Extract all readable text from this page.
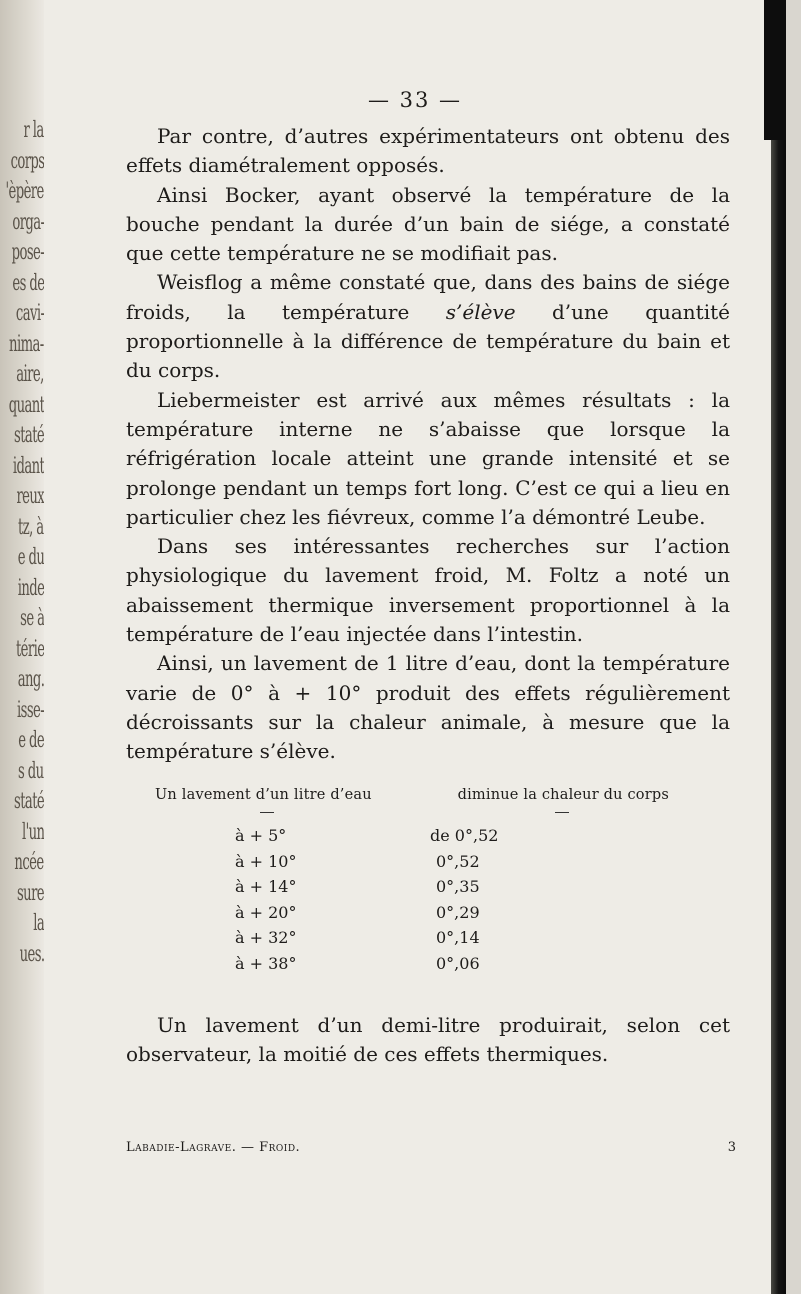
r la
corps
'èpère
orga-
pose-
es de
cavi-
nima-
aire,
quant
staté
idant
reux
tz, à
e du
inde
se à
térie
ang.
isse-
e de
s du
staté
l'un
ncée
sure
la
ues.
— 33 —

Par contre, d’autres expérimentateurs ont obtenu des effets diamétralement opposés.

Ainsi Bocker, ayant observé la température de la bouche pendant la durée d’un bain de siége, a constaté que cette température ne se modifiait pas.

Weisflog a même constaté que, dans des bains de siége froids, la température s’élève d’une quantité proportionnelle à la différence de température du bain et du corps.

Liebermeister est arrivé aux mêmes résultats : la température interne ne s’abaisse que lorsque la réfrigération locale atteint une grande intensité et se prolonge pendant un temps fort long. C’est ce qui a lieu en particulier chez les fiévreux, comme l’a démontré Leube.

Dans ses intéressantes recherches sur l’action physiologique du lavement froid, M. Foltz a noté un abaissement thermique inversement proportionnel à la température de l’eau injectée dans l’intestin.

Ainsi, un lavement de 1 litre d’eau, dont la température varie de 0° à + 10° produit des effets régulièrement décroissants sur la chaleur animale, à mesure que la température s’élève.

Un lavement d’un litre d’eau	diminue la chaleur du corps
à + 5°	de 0°,52
à + 10°	0°,52
à + 14°	0°,35
à + 20°	0°,29
à + 32°	0°,14
à + 38°	0°,06

Un lavement d’un demi-litre produirait, selon cet observateur, la moitié de ces effets thermiques.

Labadie-Lagrave. — Froid.	3
